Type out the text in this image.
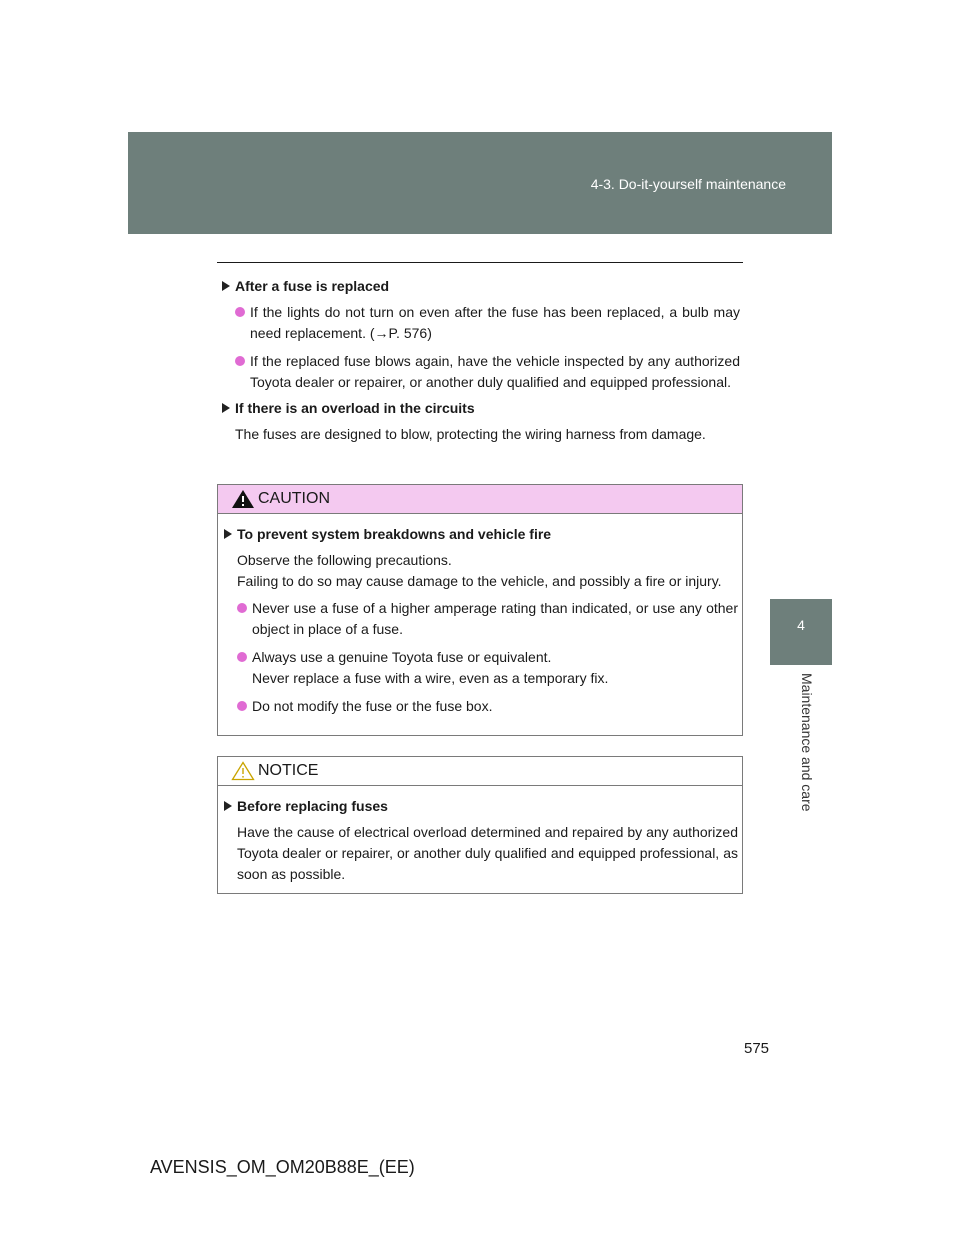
4-3. Do-it-yourself maintenance
4
Maintenance and care
After a fuse is replaced
If the lights do not turn on even after the fuse has been replaced, a bulb may need replacement. (→P. 576)
If the replaced fuse blows again, have the vehicle inspected by any authorized Toyota dealer or repairer, or another duly qualified and equipped professional.
If there is an overload in the circuits
The fuses are designed to blow, protecting the wiring harness from damage.
CAUTION
To prevent system breakdowns and vehicle fire
Observe the following precautions.
Failing to do so may cause damage to the vehicle, and possibly a fire or injury.
Never use a fuse of a higher amperage rating than indicated, or use any other object in place of a fuse.
Always use a genuine Toyota fuse or equivalent.
Never replace a fuse with a wire, even as a temporary fix.
Do not modify the fuse or the fuse box.
NOTICE
Before replacing fuses
Have the cause of electrical overload determined and repaired by any authorized Toyota dealer or repairer, or another duly qualified and equipped professional, as soon as possible.
575
AVENSIS_OM_OM20B88E_(EE)
